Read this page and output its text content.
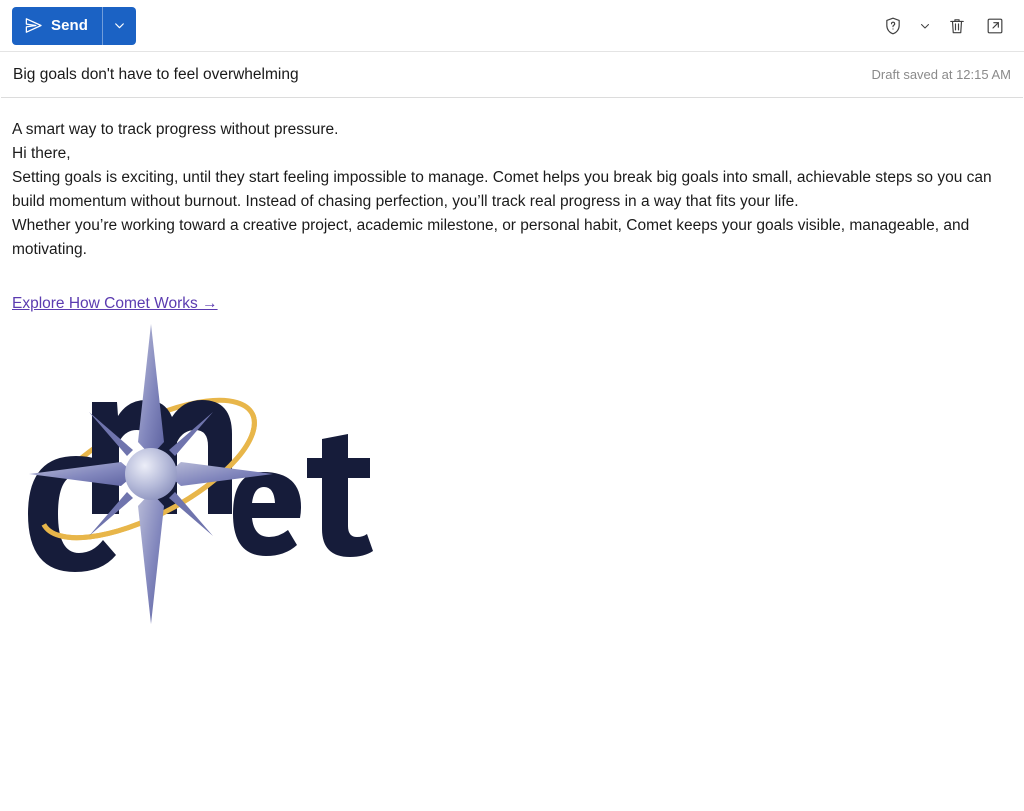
Send
Big goals don't have to feel overwhelming	Draft saved at 12:15 AM

A smart way to track progress without pressure.

Hi there,

Setting goals is exciting, until they start feeling impossible to manage. Comet helps you break big goals into small, achievable steps so you can build momentum without burnout. Instead of chasing perfection, you’ll track real progress in a way that fits your life.

Whether you’re working toward a creative project, academic milestone, or personal habit, Comet keeps your goals visible, manageable, and motivating.

Explore How Comet Works →
